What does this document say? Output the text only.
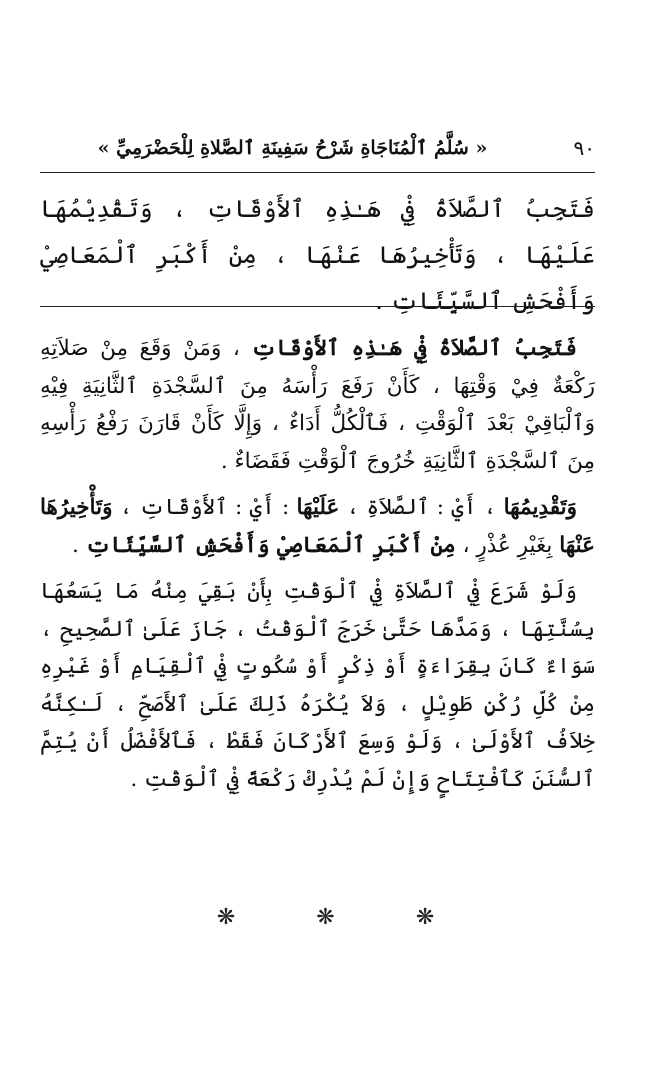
٩٠
« سُلَّمُ ٱلْمُنَاجَاةِ شَرْحُ سَفِينَةِ ٱلصَّلاةِ لِلْحَضْرَمِيِّ »
فَتَجِبُ ٱلصَّلاَةُ فِيْ هَـٰذِهِ ٱلأَوْقَاتِ ، وَتَقْدِيْمُهَا عَلَيْهَا ، وَتَأْخِيرُهَا عَنْهَا ، مِنْ أَكْبَرِ ٱلْمَعَاصِيْ وَأَفْحَشِ ٱلسَّيِّئَاتِ .

فَتَجِبُ ٱلصَّلاَةُ فِيْ هَـٰذِهِ ٱلأَوْقَاتِ ، وَمَنْ وَقَعَ مِنْ صَلاَتِهِ رَكْعَةٌ فِيْ وَقْتِهَا ، كَأَنْ رَفَعَ رَأْسَهُ مِنَ ٱلسَّجْدَةِ ٱلثَّانِيَةِ فِيْهِ وَٱلْبَاقِيْ بَعْدَ ٱلْوَقْتِ ، فَٱلْكُلُّ أَدَاءٌ ، وَإِلَّا كَأَنْ قَارَنَ رَفْعُ رَأْسِهِ مِنَ ٱلسَّجْدَةِ ٱلثَّانِيَةِ خُرُوجَ ٱلْوَقْتِ فَقَضَاءٌ .

وَتَقْدِيمُهَا ، أَيْ : ٱلصَّلاَةِ ، عَلَيْهَا : أَيْ : ٱلأَوْقَاتِ ، وَتَأْخِيرُهَا عَنْهَا بِغَيْرِ عُذْرٍ ، مِنْ أَكْبَرِ ٱلْمَعَاصِيْ وَأَفْحَشِ ٱلسَّيِّئَاتِ .

وَلَوْ شَرَعَ فِيْ ٱلصَّلاَةِ فِيْ ٱلْوَقْتِ بِأَنْ بَقِيَ مِنْهُ مَا يَسَعُهَا بِسُنَّتِهَا ، وَمَدَّهَا حَتَّىٰ خَرَجَ ٱلْوَقْتُ ، جَازَ عَلَىٰ ٱلصَّحِيحِ ، سَوَاءٌ كَانَ بِقِرَاءَةٍ أَوْ ذِكْرٍ أَوْ سُكُوتٍ فِيْ ٱلْقِيَامِ أَوْ غَيْرِهِ مِنْ كُلِّ رُكْنٍ طَوِيْلٍ ، وَلاَ يُكْرَهُ ذَلِكَ عَلَىٰ ٱلأَصَحِّ ، لَـٰكِنَّهُ خِلاَفُ ٱلأَوْلَىٰ ، وَلَوْ وَسِعَ ٱلأَرْكَانَ فَقَطْ ، فَٱلأَفْضَلُ أَنْ يُتِمَّ ٱلسُّنَنَ كَٱفْتِتَاحٍ وَإِنْ لَمْ يُدْرِكْ رَكْعَةً فِيْ ٱلْوَقْتِ .

❋	❋	❋
